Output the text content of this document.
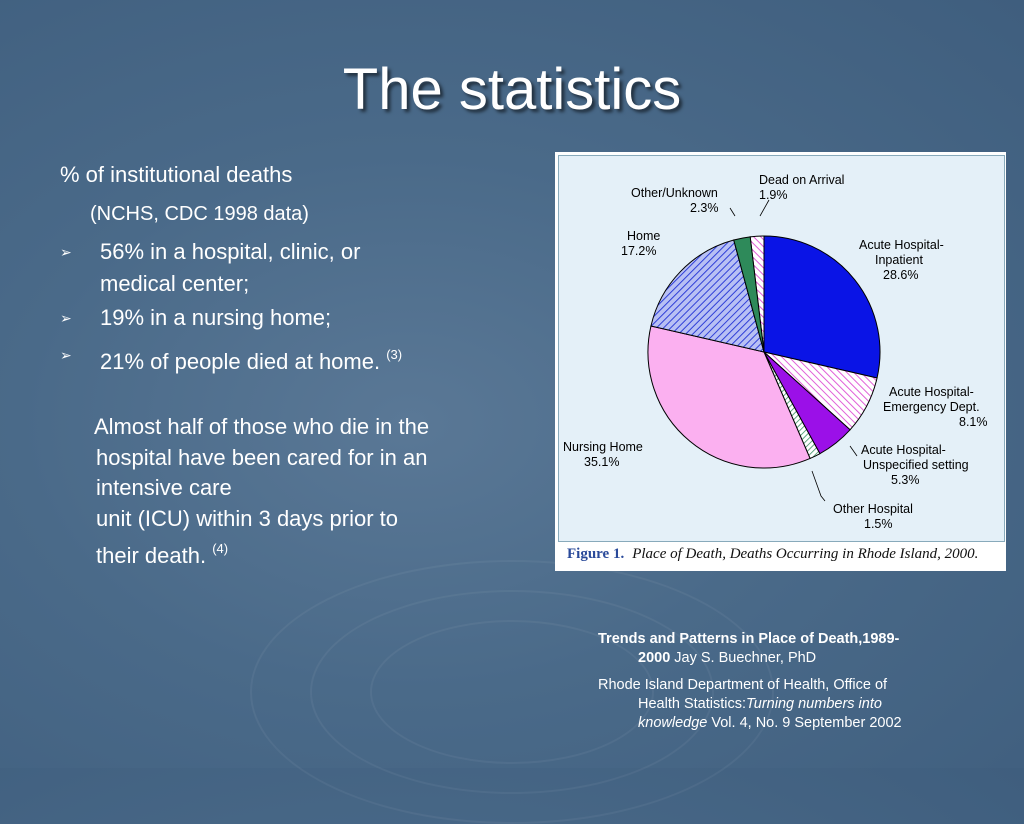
The statistics
% of institutional deaths
(NCHS, CDC 1998 data)
➢	56% in a hospital, clinic, or
medical center;
➢	19% in a nursing home;
➢	21% of people died at home. $^{(3)}$
Almost half of those who die in the
hospital have been cared for in an
intensive care
unit (ICU) within 3 days prior to
their death. $^{(4)}$
Dead on Arrival 1.9%
Other/Unknown 2.3%
Home 17.2%	Acute Hospital-Inpatient 28.6%
Acute Hospital-Emergency Dept. 8.1%
Acute Hospital-Unspecified setting 5.3%
Other Hospital 1.5%
Nursing Home 35.1%
Figure 1. Place of Death, Deaths Occurring in Rhode Island, 2000.
Trends and Patterns in Place of Death,1989-
2000 Jay S. Buechner, PhD
Rhode Island Department of Health, Office of
Health Statistics:Turning numbers into
knowledge Vol. 4, No. 9 September 2002
